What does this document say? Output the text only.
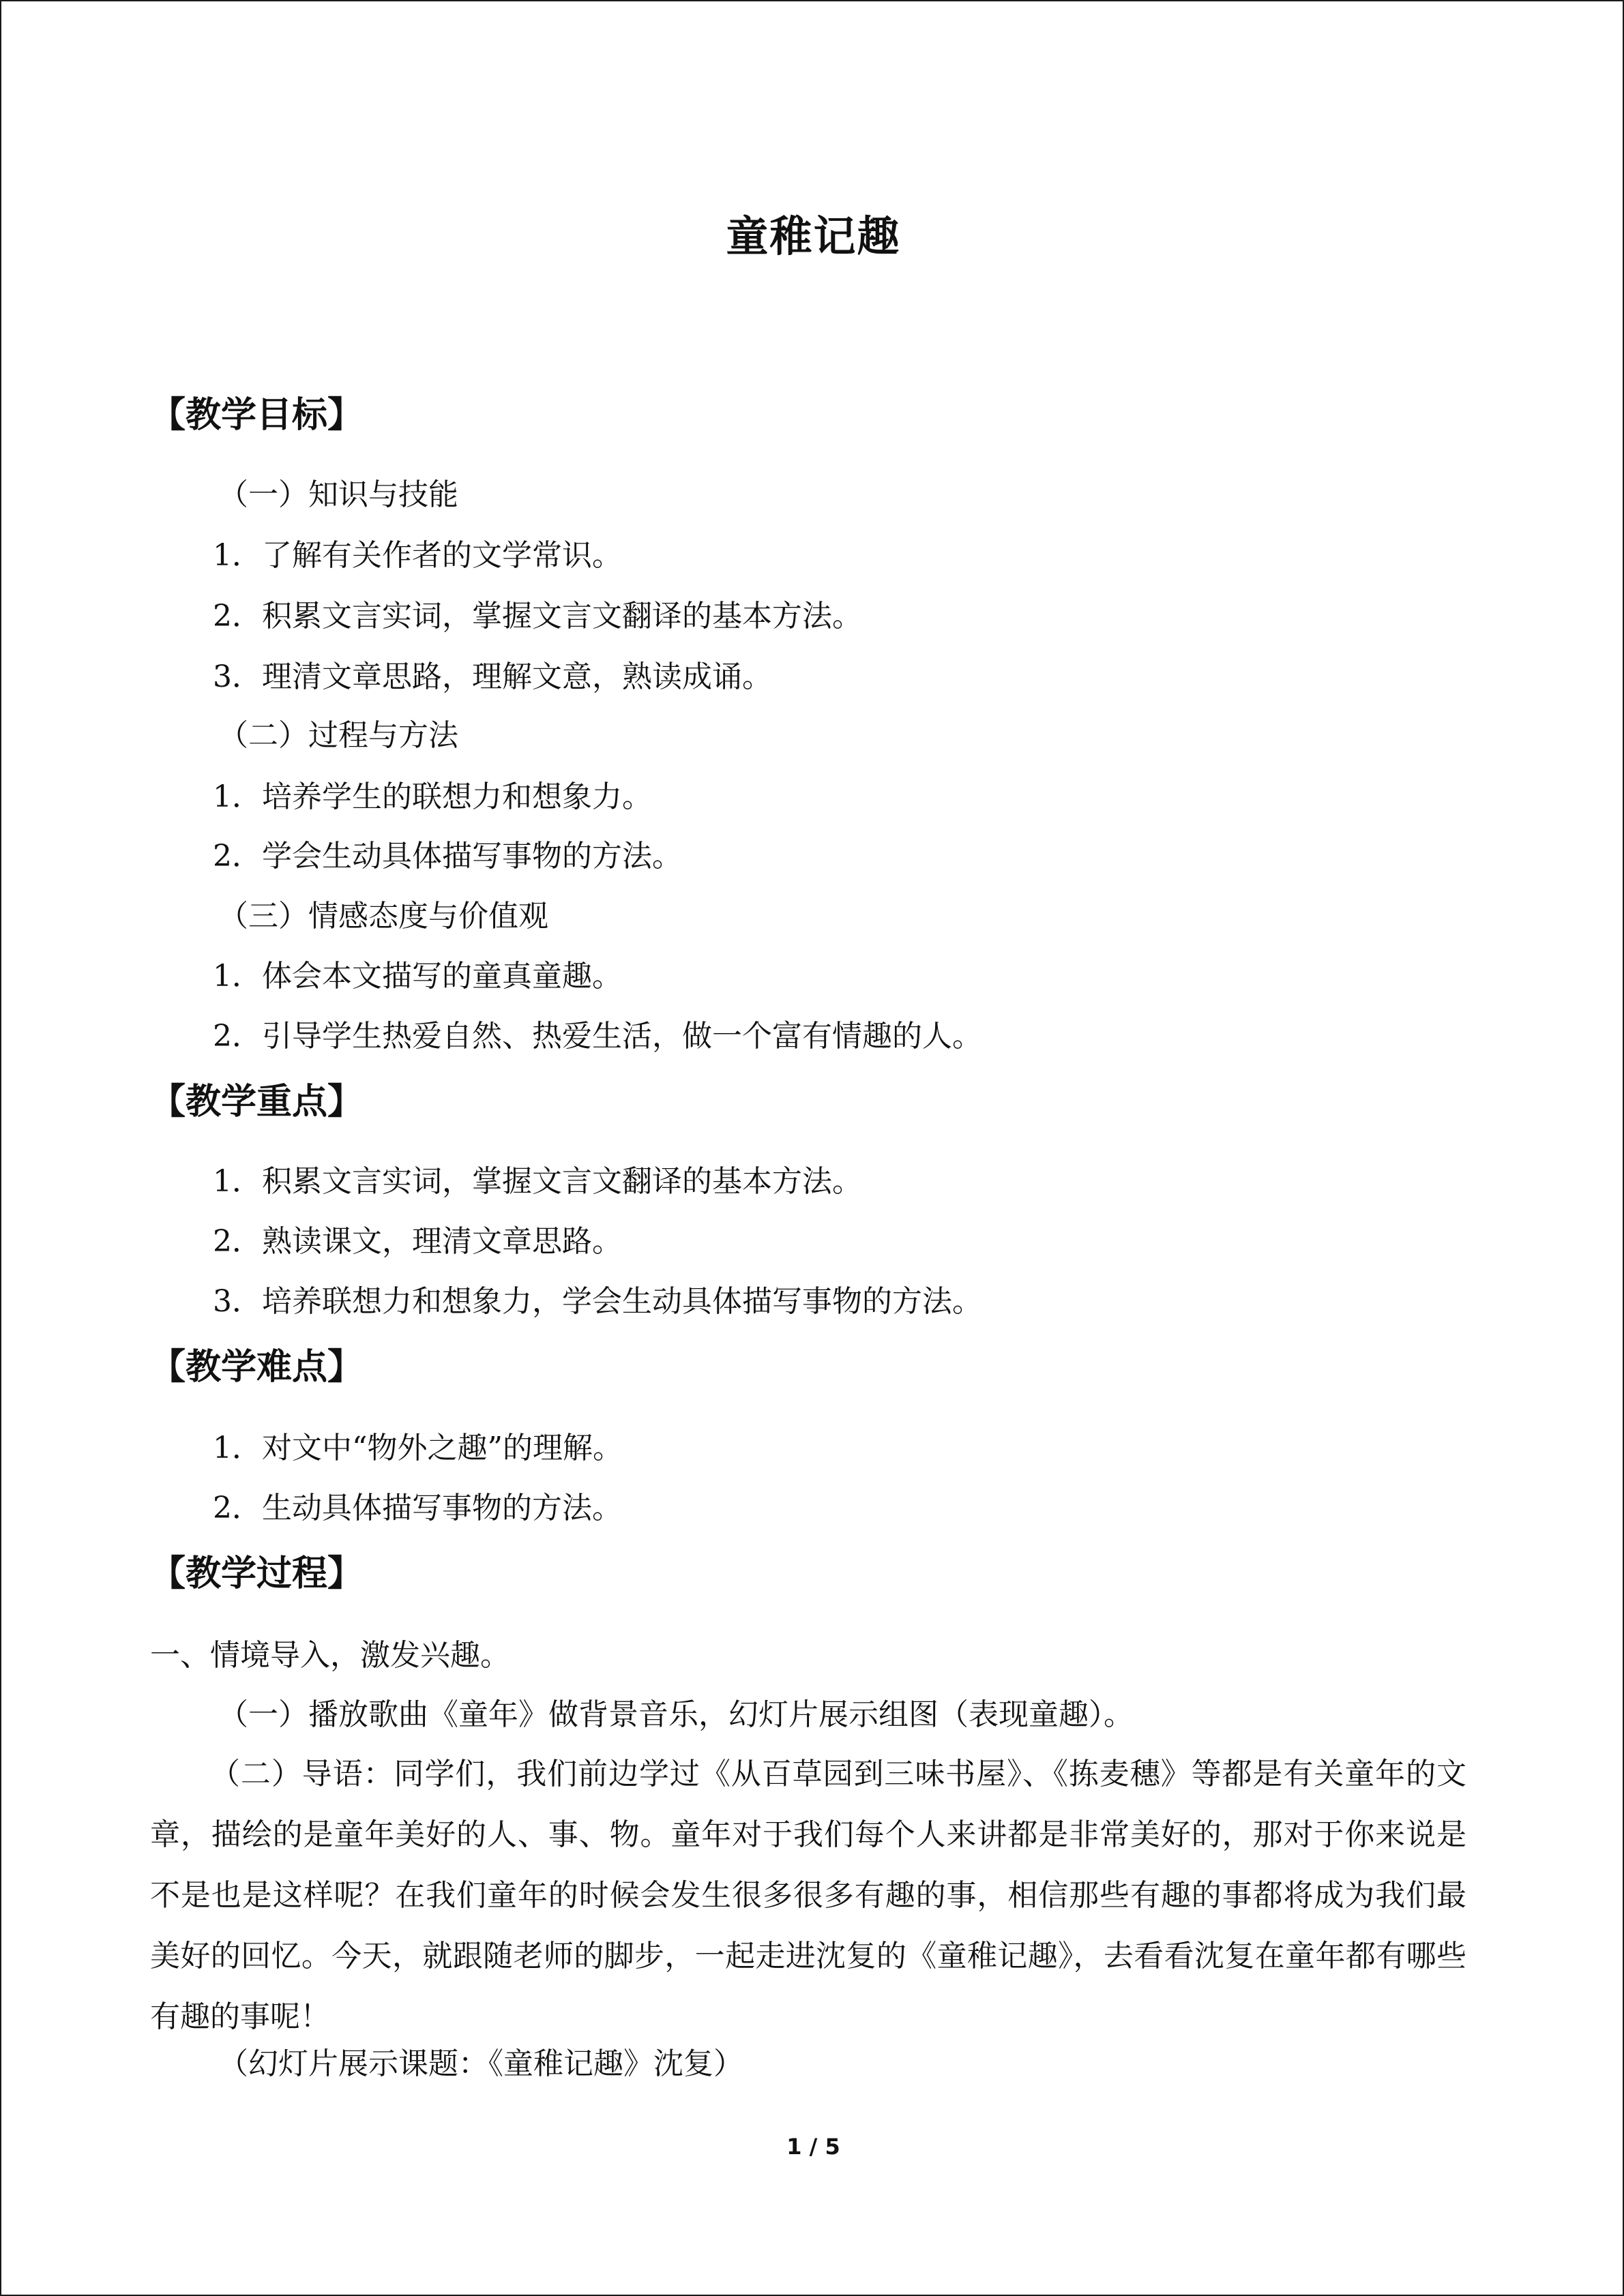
童稚记趣
【教学目标】
（一）知识与技能
1．了解有关作者的文学常识。
2．积累文言实词，掌握文言文翻译的基本方法。
3．理清文章思路，理解文意，熟读成诵。
（二）过程与方法
1．培养学生的联想力和想象力。
2．学会生动具体描写事物的方法。
（三）情感态度与价值观
1．体会本文描写的童真童趣。
2．引导学生热爱自然、热爱生活，做一个富有情趣的人。
【教学重点】
1．积累文言实词，掌握文言文翻译的基本方法。
2．熟读课文，理清文章思路。
3．培养联想力和想象力，学会生动具体描写事物的方法。
【教学难点】
1．对文中“物外之趣”的理解。
2．生动具体描写事物的方法。
【教学过程】
一、情境导入，激发兴趣。
（一）播放歌曲《童年》做背景音乐，幻灯片展示组图（表现童趣）。
（二）导语：同学们，我们前边学过《从百草园到三味书屋》、《拣麦穗》等都是有关童年的文章，描绘的是童年美好的人、事、物。童年对于我们每个人来讲都是非常美好的，那对于你来说是不是也是这样呢？在我们童年的时候会发生很多很多有趣的事，相信那些有趣的事都将成为我们最美好的回忆。今天，就跟随老师的脚步，一起走进沈复的《童稚记趣》，去看看沈复在童年都有哪些有趣的事呢！
（幻灯片展示课题：《童稚记趣》沈复）
1 / 5
